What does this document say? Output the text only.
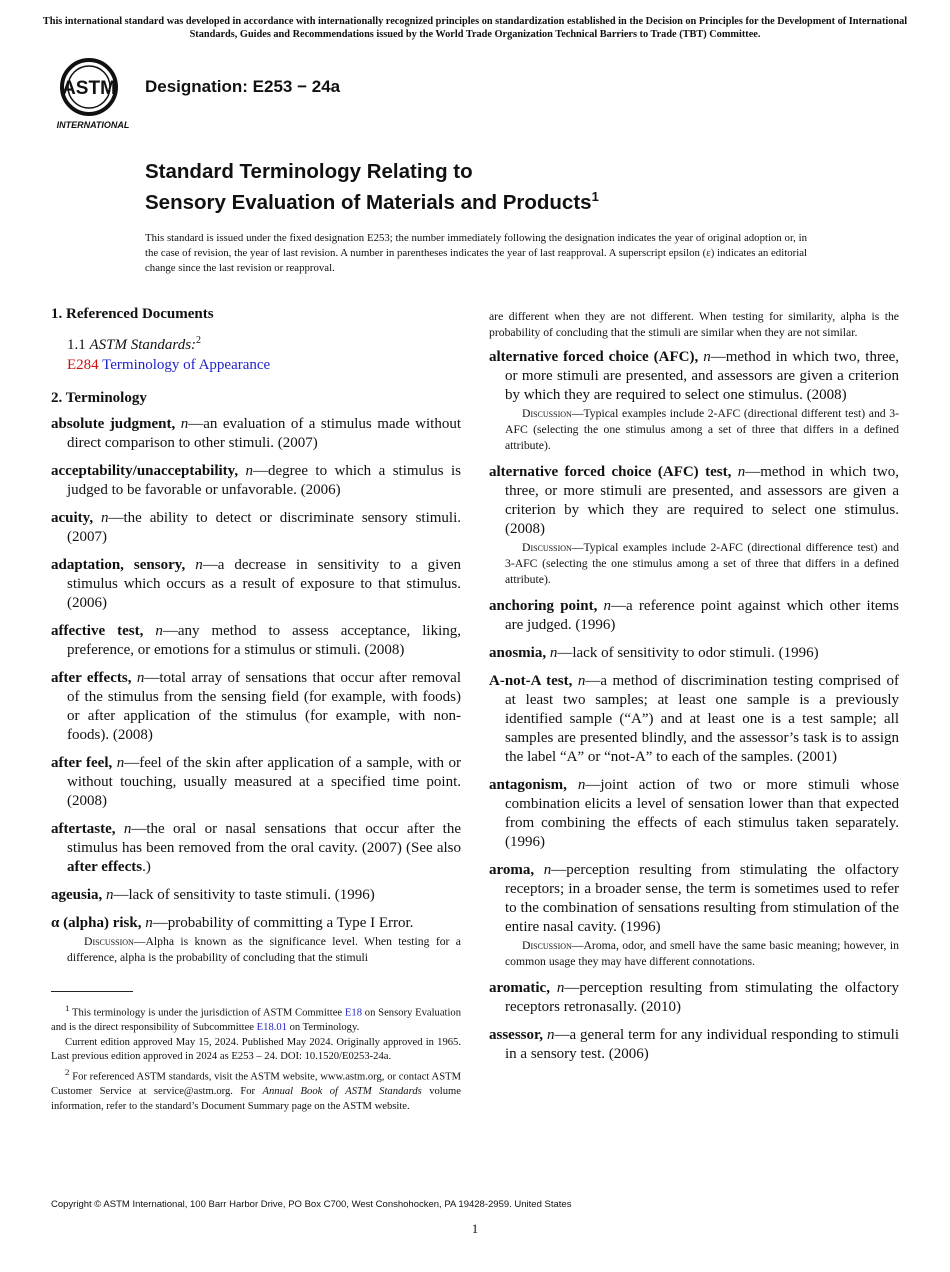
This international standard was developed in accordance with internationally recognized principles on standardization established in the Decision on Principles for the Development of International Standards, Guides and Recommendations issued by the World Trade Organization Technical Barriers to Trade (TBT) Committee.
ASTM
INTERNATIONAL
Designation: E253 − 24a
Standard Terminology Relating to
Sensory Evaluation of Materials and Products$^1$
This standard is issued under the fixed designation E253; the number immediately following the designation indicates the year of original adoption or, in the case of revision, the year of last revision. A number in parentheses indicates the year of last reapproval. A superscript epsilon (ε) indicates an editorial change since the last revision or reapproval.
1. Referenced Documents
1.1 ASTM Standards:$^2$
E284 Terminology of Appearance
2. Terminology
absolute judgment, n—an evaluation of a stimulus made without direct comparison to other stimuli. (2007)
acceptability/unacceptability, n—degree to which a stimulus is judged to be favorable or unfavorable. (2006)
acuity, n—the ability to detect or discriminate sensory stimuli. (2007)
adaptation, sensory, n—a decrease in sensitivity to a given stimulus which occurs as a result of exposure to that stimulus. (2006)
affective test, n—any method to assess acceptance, liking, preference, or emotions for a stimulus or stimuli. (2008)
after effects, n—total array of sensations that occur after removal of the stimulus from the sensing field (for example, with foods) or after application of the stimulus (for example, with non-foods). (2008)
after feel, n—feel of the skin after application of a sample, with or without touching, usually measured at a specified time point. (2008)
aftertaste, n—the oral or nasal sensations that occur after the stimulus has been removed from the oral cavity. (2007) (See also after effects.)
ageusia, n—lack of sensitivity to taste stimuli. (1996)
α (alpha) risk, n—probability of committing a Type I Error.
Discussion—Alpha is known as the significance level. When testing for a difference, alpha is the probability of concluding that the stimuli
are different when they are not different. When testing for similarity, alpha is the probability of concluding that the stimuli are similar when they are not similar.
alternative forced choice (AFC), n—method in which two, three, or more stimuli are presented, and assessors are given a criterion by which they are required to select one stimulus. (2008)
Discussion—Typical examples include 2-AFC (directional different test) and 3-AFC (selecting the one stimulus among a set of three that differs in a defined attribute).
alternative forced choice (AFC) test, n—method in which two, three, or more stimuli are presented, and assessors are given a criterion by which they are required to select one stimulus. (2008)
Discussion—Typical examples include 2-AFC (directional difference test) and 3-AFC (selecting the one stimulus among a set of three that differs in a defined attribute).
anchoring point, n—a reference point against which other items are judged. (1996)
anosmia, n—lack of sensitivity to odor stimuli. (1996)
A-not-A test, n—a method of discrimination testing comprised of at least two samples; at least one sample is a previously identified sample (“A”) and at least one is a test sample; all samples are presented blindly, and the assessor’s task is to assign the label “A” or “not-A” to each of the samples. (2001)
antagonism, n—joint action of two or more stimuli whose combination elicits a level of sensation lower than that expected from combining the effects of each stimulus taken separately. (1996)
aroma, n—perception resulting from stimulating the olfactory receptors; in a broader sense, the term is sometimes used to refer to the combination of sensations resulting from stimulation of the entire nasal cavity. (1996)
Discussion—Aroma, odor, and smell have the same basic meaning; however, in common usage they may have different connotations.
aromatic, n—perception resulting from stimulating the olfactory receptors retronasally. (2010)
assessor, n—a general term for any individual responding to stimuli in a sensory test. (2006)

$^1$ This terminology is under the jurisdiction of ASTM Committee E18 on Sensory Evaluation and is the direct responsibility of Subcommittee E18.01 on Terminology.

Current edition approved May 15, 2024. Published May 2024. Originally approved in 1965. Last previous edition approved in 2024 as E253 – 24. DOI: 10.1520/E0253-24a.

$^2$ For referenced ASTM standards, visit the ASTM website, www.astm.org, or contact ASTM Customer Service at service@astm.org. For Annual Book of ASTM Standards volume information, refer to the standard’s Document Summary page on the ASTM website.

Copyright © ASTM International, 100 Barr Harbor Drive, PO Box C700, West Conshohocken, PA 19428-2959. United States
1
